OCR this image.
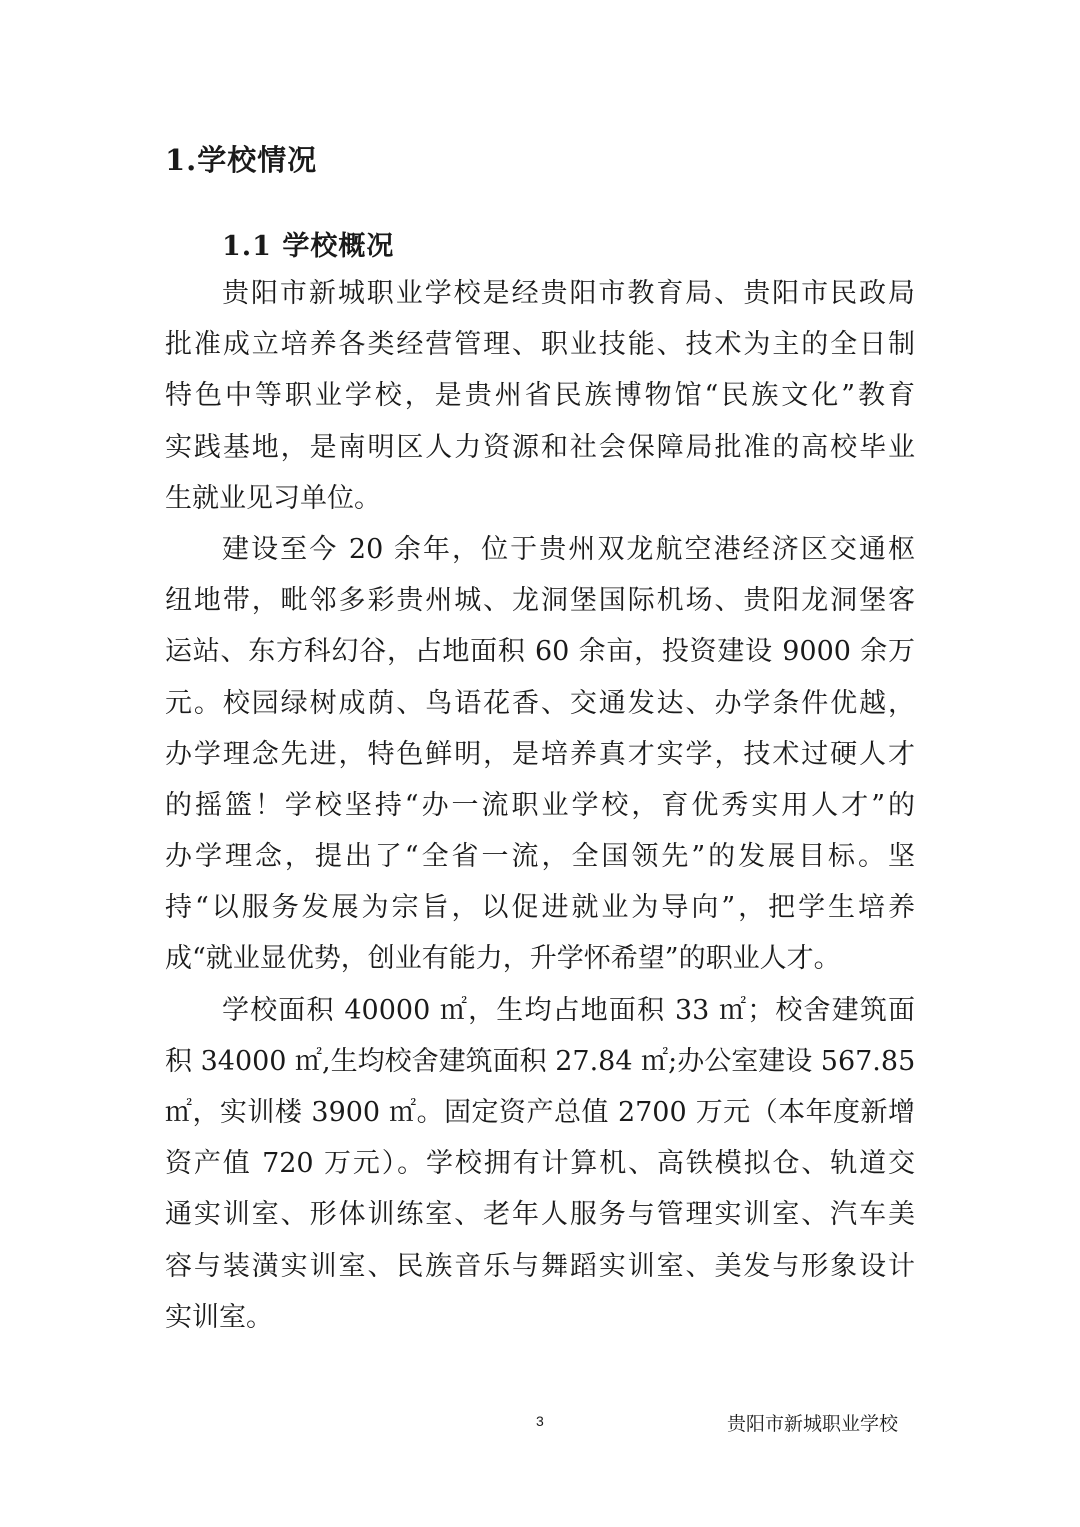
1.学校情况
1.1 学校概况
贵阳市新城职业学校是经贵阳市教育局、贵阳市民政局
批准成立培养各类经营管理、职业技能、技术为主的全日制
特色中等职业学校，是贵州省民族博物馆“民族文化”教育
实践基地，是南明区人力资源和社会保障局批准的高校毕业
生就业见习单位。
建设至今 20 余年，位于贵州双龙航空港经济区交通枢
纽地带，毗邻多彩贵州城、龙洞堡国际机场、贵阳龙洞堡客
运站、东方科幻谷，占地面积 60 余亩，投资建设 9000 余万
元。校园绿树成荫、鸟语花香、交通发达、办学条件优越，
办学理念先进，特色鲜明，是培养真才实学，技术过硬人才
的摇篮！学校坚持“办一流职业学校，育优秀实用人才”的
办学理念，提出了“全省一流，全国领先”的发展目标。坚
持“以服务发展为宗旨，以促进就业为导向”，把学生培养
成“就业显优势，创业有能力，升学怀希望”的职业人才。
学校面积 40000 ㎡，生均占地面积 33 ㎡；校舍建筑面
积 34000 ㎡,生均校舍建筑面积 27.84 ㎡;办公室建设 567.85
㎡，实训楼 3900 ㎡。固定资产总值 2700 万元（本年度新增
资产值 720 万元）。学校拥有计算机、高铁模拟仓、轨道交
通实训室、形体训练室、老年人服务与管理实训室、汽车美
容与装潢实训室、民族音乐与舞蹈实训室、美发与形象设计
实训室。
3	贵阳市新城职业学校
